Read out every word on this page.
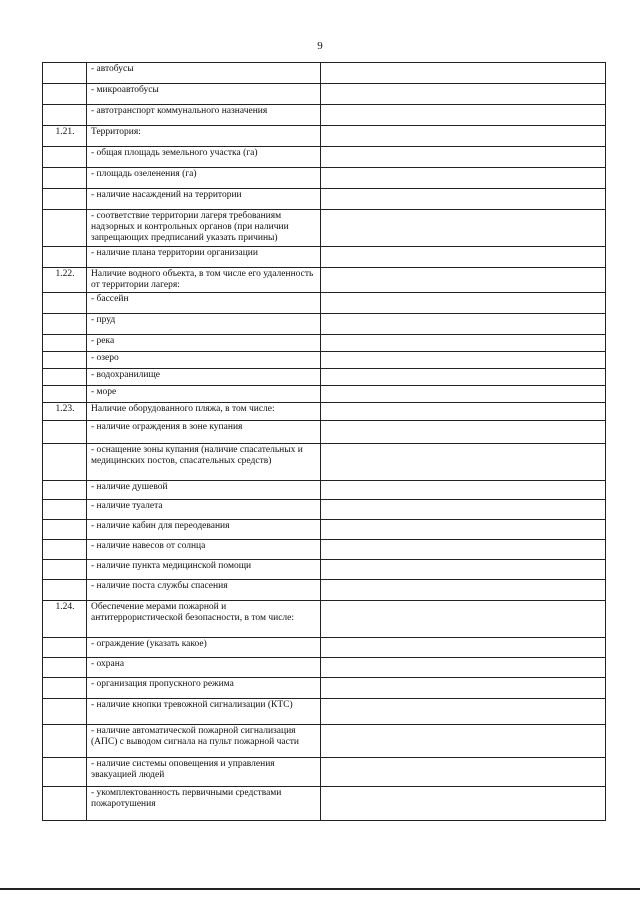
9
	- автобусы	
	- микроавтобусы	
	- автотранспорт коммунального назначения	
1.21.	Территория:	
	- общая площадь земельного участка (га)	
	- площадь озеленения (га)	
	- наличие насаждений на территории	
	- соответствие территории лагеря требованиям надзорных и контрольных органов (при наличии запрещающих предписаний указать причины)	
	- наличие плана территории организации	
1.22.	Наличие водного объекта, в том числе его удаленность от территории лагеря:	
	- бассейн	
	- пруд	
	- река	
	- озеро	
	- водохранилище	
	- море	
1.23.	Наличие оборудованного пляжа, в том числе:	
	- наличие ограждения в зоне купания	
	- оснащение зоны купания (наличие спасательных и медицинских постов, спасательных средств)	
	- наличие душевой	
	- наличие туалета	
	- наличие кабин для переодевания	
	- наличие навесов от солнца	
	- наличие пункта медицинской помощи	
	- наличие поста службы спасения	
1.24.	Обеспечение мерами пожарной и антитеррористической безопасности, в том числе:	
	- ограждение (указать какое)	
	- охрана	
	- организация пропускного режима	
	- наличие кнопки тревожной сигнализации (КТС)	
	- наличие автоматической пожарной сигнализация (АПС) с выводом сигнала на пульт пожарной части	
	- наличие системы оповещения и управления эвакуацией людей	
	- укомплектованность первичными средствами пожаротушения	
